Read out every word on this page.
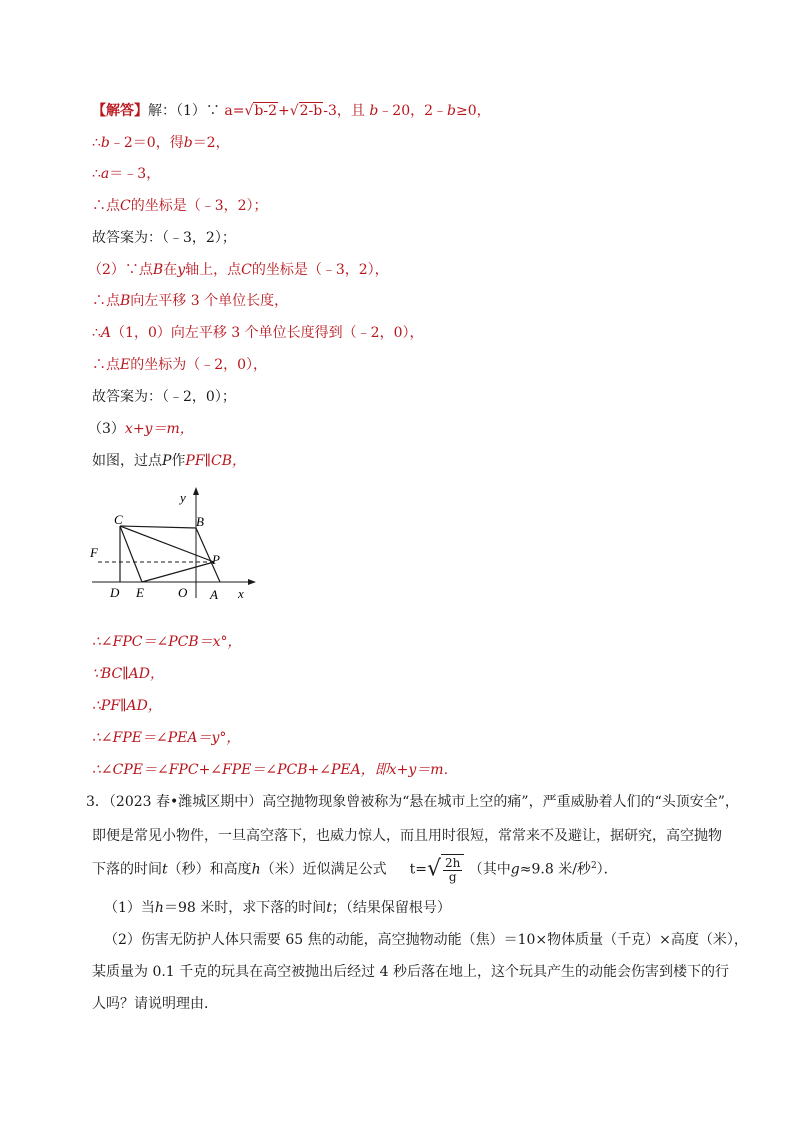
【解答】解：（1）∵ a=√b-2+√2-b-3，且 b﹣20，2﹣b≥0，
∴b﹣2＝0，得b＝2，
∴a＝﹣3，
∴点C的坐标是（﹣3，2）；
故答案为：（﹣3，2）；
（2）∵点B在y轴上，点C的坐标是（﹣3，2），
∴点B向左平移 3 个单位长度，
∴A（1，0）向左平移 3 个单位长度得到（﹣2，0），
∴点E的坐标为（﹣2，0），
故答案为：（﹣2，0）；
（3）x+y＝m，
如图，过点P作PF∥CB，
y
C	B
F	P
D E	O A x
∴∠FPC＝∠PCB＝x°，
∵BC∥AD，
∴PF∥AD，
∴∠FPE＝∠PEA＝y°，
∴∠CPE＝∠FPC+∠FPE＝∠PCB+∠PEA，即x+y＝m．
3．（2023 春•潍城区期中）高空抛物现象曾被称为“悬在城市上空的痛”，严重威胁着人们的“头顶安全”，
即便是常见小物件，一旦高空落下，也威力惊人，而且用时很短，常常来不及避让，据研究，高空抛物
下落的时间t（秒）和高度h（米）近似满足公式 $t=√ \frac{2h}{g}$ （其中g≈9.8 米/秒$^2$）．
（1）当h＝98 米时，求下落的时间t；（结果保留根号）
（2）伤害无防护人体只需要 65 焦的动能，高空抛物动能（焦）＝10×物体质量（千克）×高度（米），
某质量为 0.1 千克的玩具在高空被抛出后经过 4 秒后落在地上，这个玩具产生的动能会伤害到楼下的行
人吗？请说明理由．
